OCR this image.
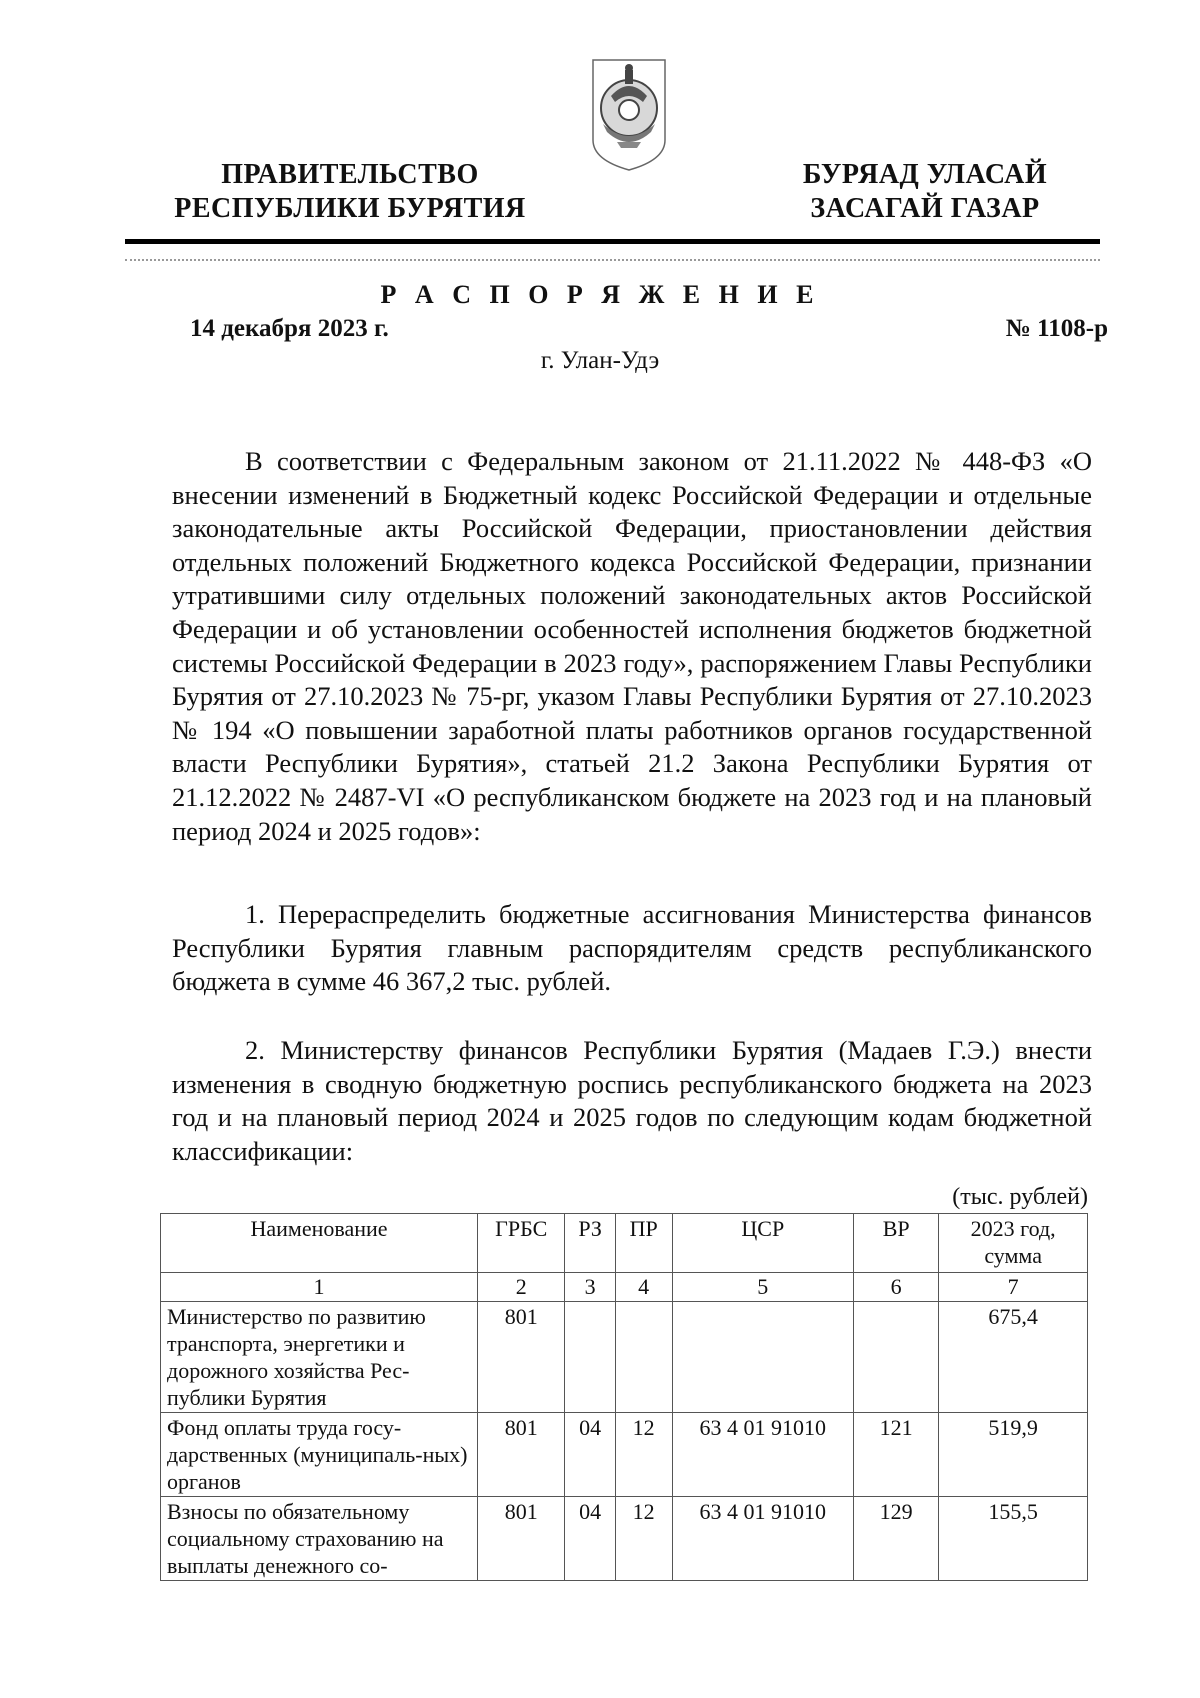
ПРАВИТЕЛЬСТВО
РЕСПУБЛИКИ БУРЯТИЯ
БУРЯАД УЛАСАЙ
ЗАСАГАЙ ГАЗАР
Р А С П О Р Я Ж Е Н И Е
14 декабря 2023 г.	№ 1108-р
г. Улан-Удэ

В соответствии с Федеральным законом от 21.11.2022 № 448-ФЗ «О внесении изменений в Бюджетный кодекс Российской Федерации и отдельные законодательные акты Российской Федерации, приостановлении действия отдельных положений Бюджетного кодекса Российской Федерации, признании утратившими силу отдельных положений законодательных актов Российской Федерации и об установлении особенностей исполнения бюджетов бюджетной системы Российской Федерации в 2023 году», распоряжением Главы Республики Бурятия от 27.10.2023 № 75-рг, указом Главы Республики Бурятия от 27.10.2023 № 194 «О повышении заработной платы работников органов государственной власти Республики Бурятия», статьей 21.2 Закона Республики Бурятия от 21.12.2022 № 2487-VI «О республиканском бюджете на 2023 год и на плановый период 2024 и 2025 годов»:

1. Перераспределить бюджетные ассигнования Министерства финансов Республики Бурятия главным распорядителям средств республиканского бюджета в сумме 46 367,2 тыс. рублей.

2. Министерству финансов Республики Бурятия (Мадаев Г.Э.) внести изменения в сводную бюджетную роспись республиканского бюджета на 2023 год и на плановый период 2024 и 2025 годов по следующим кодам бюджетной классификации:

(тыс. рублей)
Наименование	ГРБС	РЗ	ПР	ЦСР	ВР	2023 год, сумма
1	2	3	4	5	6	7
Министерство по развитию транспорта, энергетики и дорожного хозяйства Рес-публики Бурятия	801					675,4
Фонд оплаты труда госу-дарственных (муниципаль-ных) органов	801	04	12	63 4 01 91010	121	519,9
Взносы по обязательному социальному страхованию на выплаты денежного со-	801	04	12	63 4 01 91010	129	155,5
